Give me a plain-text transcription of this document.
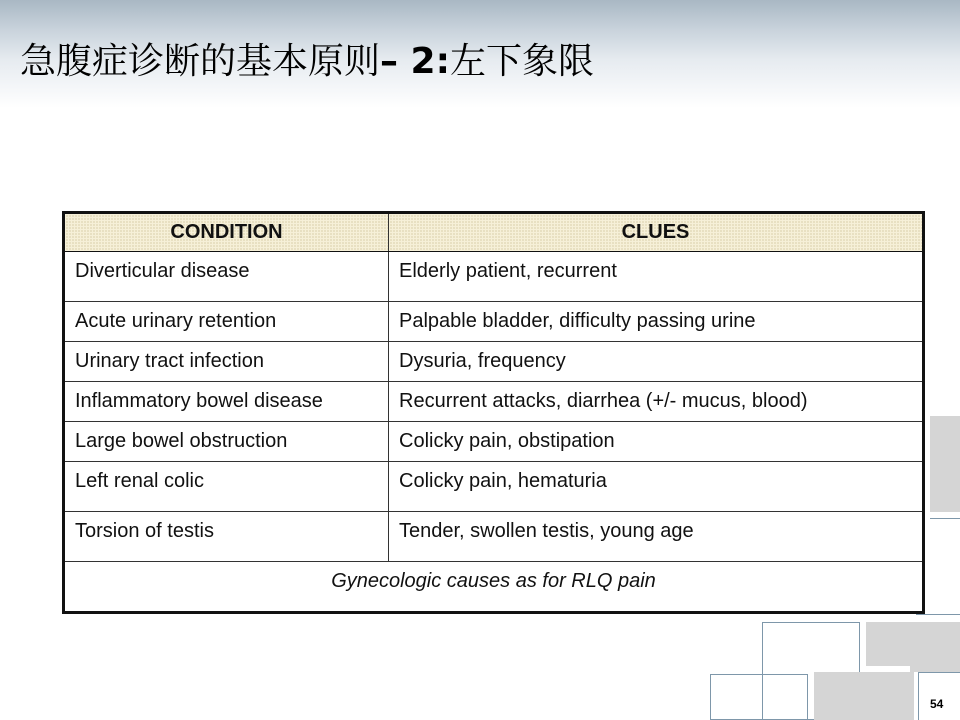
急腹症诊断的基本原则– 2:左下象限
CONDITION	CLUES
Diverticular disease	Elderly patient, recurrent
Acute urinary retention	Palpable bladder, difficulty passing urine
Urinary tract infection	Dysuria, frequency
Inflammatory bowel disease	Recurrent attacks, diarrhea (+/- mucus, blood)
Large bowel obstruction	Colicky pain, obstipation
Left renal colic	Colicky pain, hematuria
Torsion of testis	Tender, swollen testis, young age
Gynecologic causes as for RLQ pain	
54
